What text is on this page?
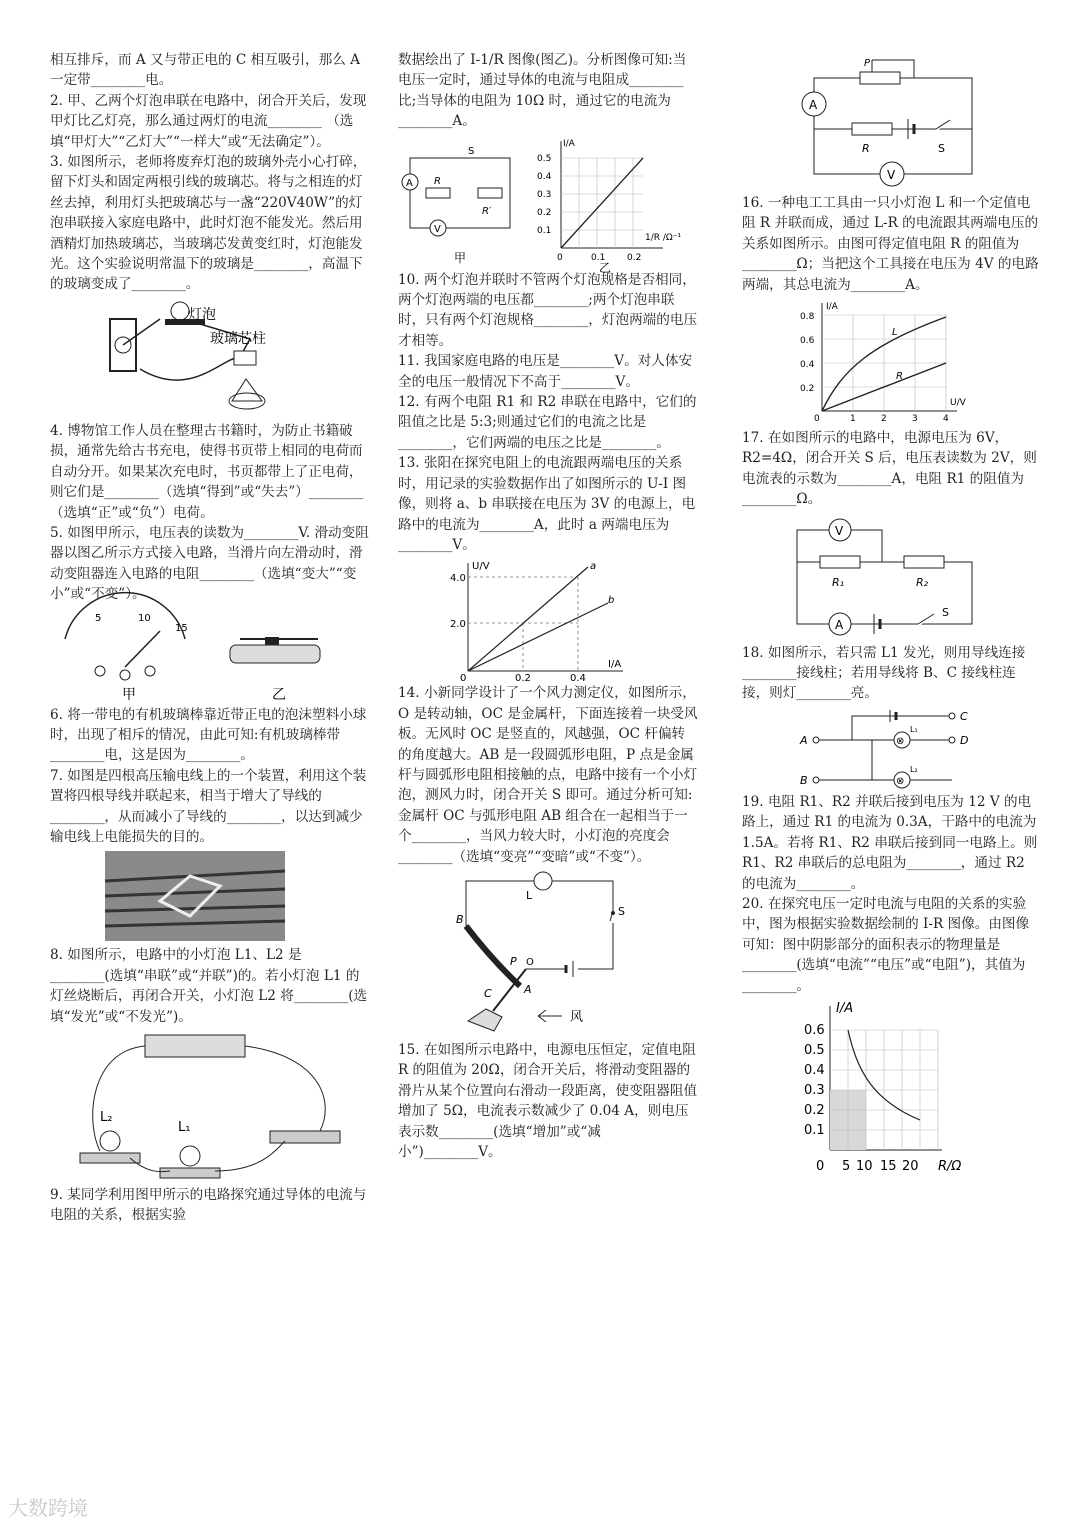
相互排斥，而 A 又与带正电的 C 相互吸引，那么 A 一定带________电。

2. 甲、乙两个灯泡串联在电路中，闭合开关后，发现甲灯比乙灯亮，那么通过两灯的电流________ （选填“甲灯大”“乙灯大”“一样大”或“无法确定”）。

3. 如图所示，老师将废弃灯泡的玻璃外壳小心打碎，留下灯头和固定两根引线的玻璃芯。将与之相连的灯丝去掉，利用灯头把玻璃芯与一盏“220V40W”的灯泡串联接入家庭电路中，此时灯泡不能发光。然后用酒精灯加热玻璃芯，当玻璃芯发黄变红时，灯泡能发光。这个实验说明常温下的玻璃是________，高温下的玻璃变成了________。

灯泡
玻璃芯柱

4. 博物馆工作人员在整理古书籍时，为防止书籍破损，通常先给古书充电，使得书页带上相同的电荷而自动分开。如果某次充电时，书页都带上了正电荷，则它们是________（选填“得到”或“失去”）________（选填“正”或“负”）电荷。

5. 如图甲所示，电压表的读数为________V. 滑动变阻器以图乙所示方式接入电路，当滑片向左滑动时，滑动变阻器连入电路的电阻________（选填“变大”“变小”或“不变”）。

5	10
15
甲	乙

6. 将一带电的有机玻璃棒靠近带正电的泡沫塑料小球时，出现了相斥的情况，由此可知:有机玻璃棒带________电，这是因为________。

7. 如图是四根高压输电线上的一个装置，利用这个装置将四根导线并联起来，相当于增大了导线的________，从而减小了导线的________，以达到减少输电线上电能损失的目的。

8. 如图所示，电路中的小灯泡 L1、L2 是________(选填“串联”或“并联”)的。若小灯泡 L1 的灯丝烧断后，再闭合开关，小灯泡 L2 将________(选填“发光”或“不发光”)。

L₂
L₁

9. 某同学利用图甲所示的电路探究通过导体的电流与电阻的关系，根据实验

数据绘出了 I-1/R 图像(图乙)。分析图像可知:当电压一定时，通过导体的电流与电阻成________比;当导体的电阻为 10Ω 时，通过它的电流为________A。

A
V
R
R′
S
甲
0.5
0.4
0.3
0.2
0.1
0	0.1 0.2
I/A
1/R /Ω⁻¹
乙

10. 两个灯泡并联时不管两个灯泡规格是否相同，两个灯泡两端的电压都________;两个灯泡串联时，只有两个灯泡规格________，灯泡两端的电压才相等。

11. 我国家庭电路的电压是________V。对人体安全的电压一般情况下不高于________V。

12. 有两个电阻 R1 和 R2 串联在电路中，它们的阻值之比是 5:3;则通过它们的电流之比是________，它们两端的电压之比是________。

13. 张阳在探究电阻上的电流跟两端电压的关系时，用记录的实验数据作出了如图所示的 U-I 图像，则将 a、b 串联接在电压为 3V 的电源上，电路中的电流为________A，此时 a 两端电压为________V。

a
b
2.0
4.0
0	0.2	0.4
U/V
I/A

14. 小新同学设计了一个风力测定仪，如图所示，O 是转动轴，OC 是金属杆，下面连接着一块受风板。无风时 OC 是竖直的，风越强，OC 杆偏转的角度越大。AB 是一段圆弧形电阻，P 点是金属杆与圆弧形电阻相接触的点，电路中接有一个小灯泡，测风力时，闭合开关 S 即可。通过分析可知:金属杆 OC 与弧形电阻 AB 组合在一起相当于一个________，当风力较大时，小灯泡的亮度会________（选填“变亮”“变暗”或“不变”）。

L
S
B
P O
C	A
风

15. 在如图所示电路中，电源电压恒定，定值电阻 R 的阻值为 20Ω，闭合开关后，将滑动变阻器的滑片从某个位置向右滑动一段距离，使变阻器阻值增加了 5Ω，电流表示数减少了 0.04 A，则电压表示数________(选填“增加”或“减小”)________V。

A
P
R	S
V

16. 一种电工工具由一只小灯泡 L 和一个定值电阻 R 并联而成，通过 L-R 的电流跟其两端电压的关系如图所示。由图可得定值电阻 R 的阻值为________Ω；当把这个工具接在电压为 4V 的电路两端，其总电流为________A。

L
R
0.2
0.4
0.6
0.8
0	1	2	3	4
I/A
U/V

17. 在如图所示的电路中，电源电压为 6V，R2=4Ω，闭合开关 S 后，电压表读数为 2V，则电流表的示数为________A，电阻 R1 的阻值为________Ω。

V
R₁	R₂
A
S

18. 如图所示，若只需 L1 发光，则用导线连接________接线柱；若用导线将 B、C 接线柱连接，则灯________亮。

⊗
⊗
L₁
L₂
A
B
C
D

19. 电阻 R1、R2 并联后接到电压为 12 V 的电路上，通过 R1 的电流为 0.3A，干路中的电流为 1.5A。若将 R1、R2 串联后接到同一电路上。则 R1、R2 串联后的总电阻为________，通过 R2 的电流为________。

20. 在探究电压一定时电流与电阻的关系的实验中，图为根据实验数据绘制的 I-R 图像。由图像可知：图中阴影部分的面积表示的物理量是________(选填“电流”“电压”或“电阻”)，其值为________。

0.1
0.2
0.3
0.4
0.5
0.6
0 5 10 15 20
I/A
R/Ω
大数跨境
